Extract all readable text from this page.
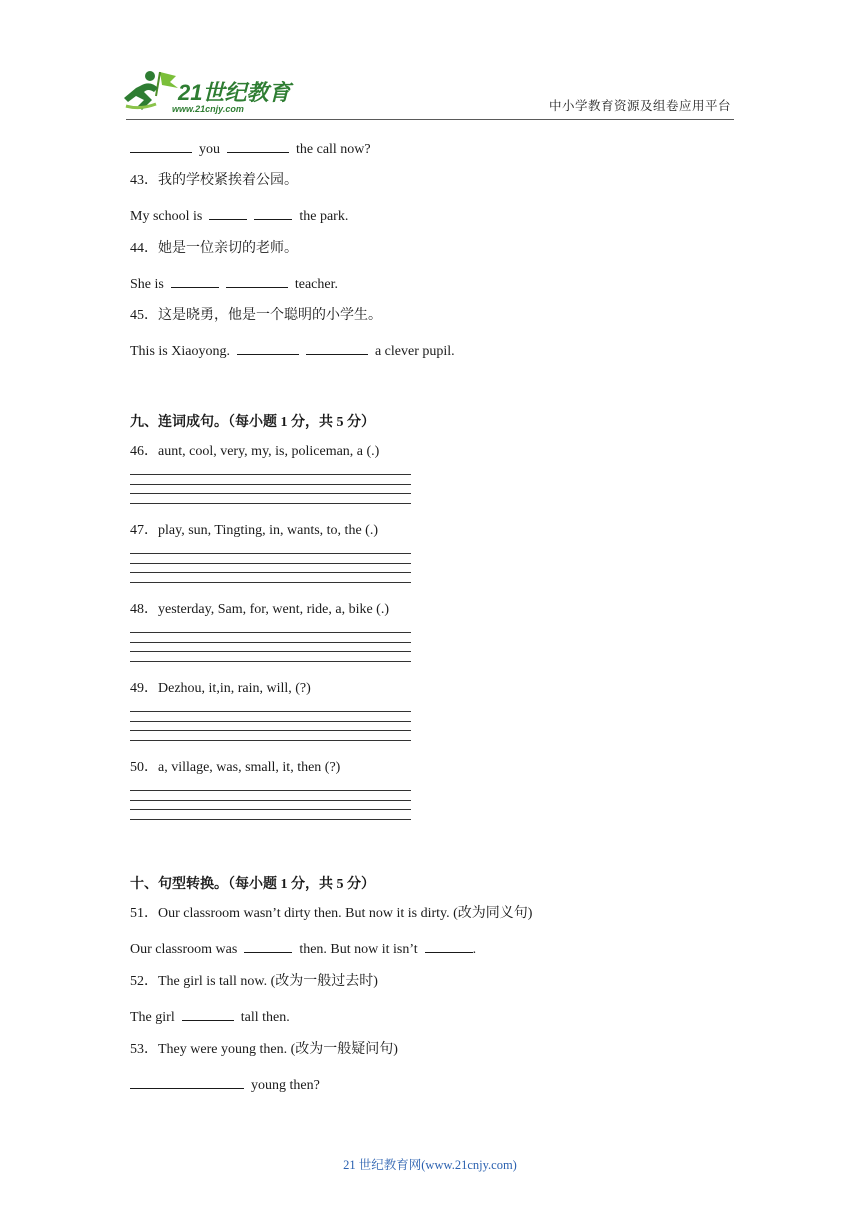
21世纪教育
www.21cnjy.com	中小学教育资源及组卷应用平台
you	the call now?
43．我的学校紧挨着公园。
My school is	the park.
44．她是一位亲切的老师。
She is	teacher.
45．这是晓勇，他是一个聪明的小学生。
This is Xiaoyong.	a clever pupil.
九、连词成句。（每小题 1 分，共 5 分）
46．aunt, cool, very, my, is, policeman, a (.)
47．play, sun, Tingting, in, wants, to, the (.)
48．yesterday, Sam, for, went, ride, a, bike (.)
49．Dezhou, it,in, rain, will, (?)
50．a, village, was, small, it, then (?)
十、句型转换。（每小题 1 分，共 5 分）
51．Our classroom wasn’t dirty then. But now it is dirty. (改为同义句)
Our classroom was	then. But now it isn’t	.
52．The girl is tall now. (改为一般过去时)
The girl	tall then.
53．They were young then. (改为一般疑问句)
young then?
21 世纪教育网(www.21cnjy.com)
